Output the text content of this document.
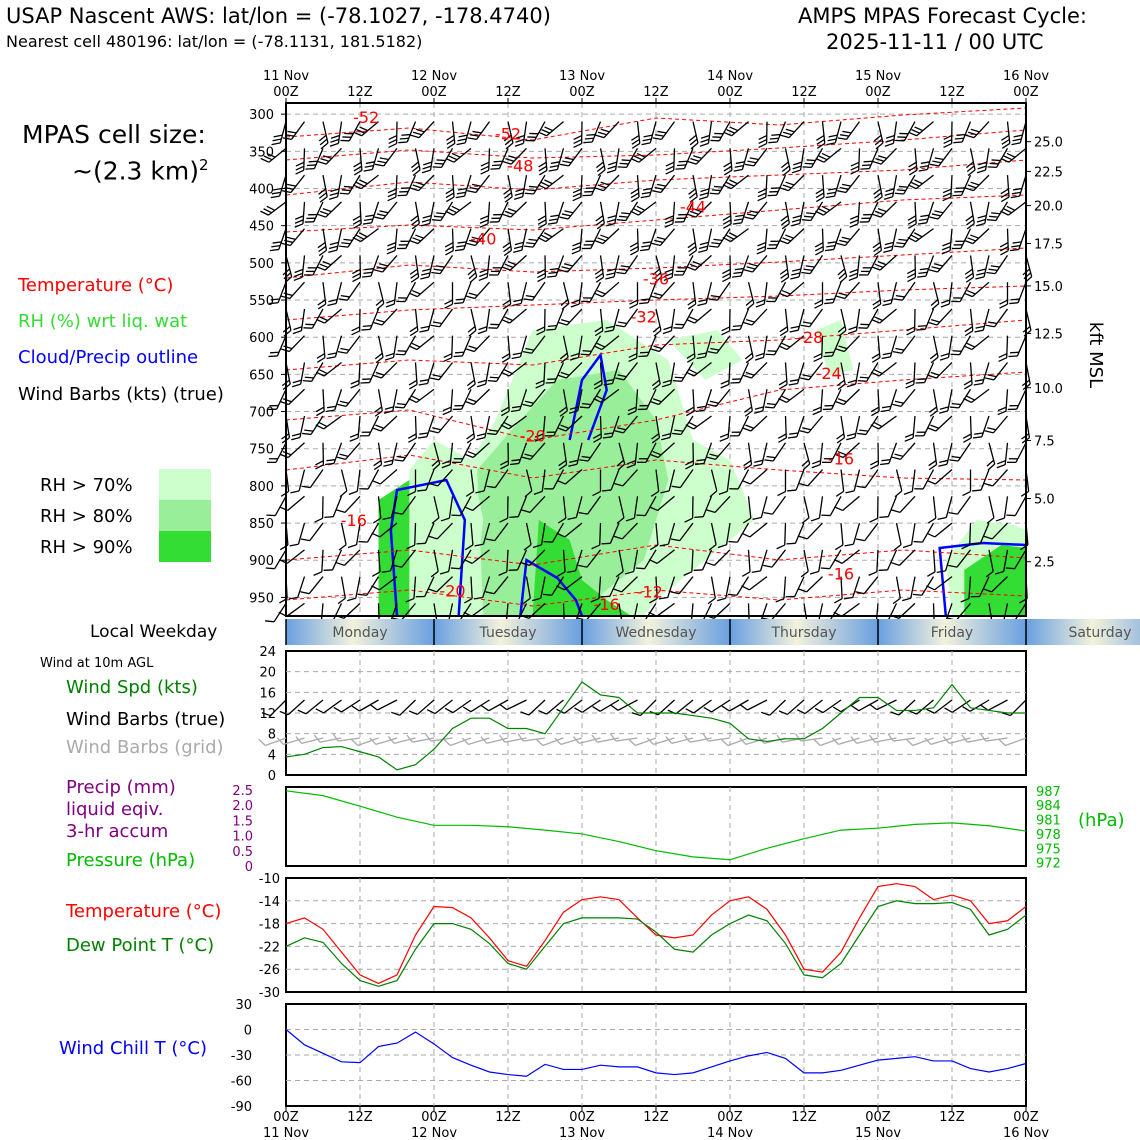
USAP Nascent AWS: lat/lon = (-78.1027, -178.4740)
Nearest cell 480196: lat/lon = (-78.1131, 181.5182)
AMPS MPAS Forecast Cycle:
2025-11-11 / 00 UTC
MPAS cell size:
~(2.3 km)$^2$
Temperature (°C)
RH (%) wrt liq. wat
Cloud/Precip outline
Wind Barbs (kts) (true)
RH > 70%
RH > 80%
RH > 90%
Local Weekday
Wind at 10m AGL
Wind Spd (kts)
Wind Barbs (true)
Wind Barbs (grid)
Precip (mm)
liquid eqiv.
3-hr accum
Pressure (hPa)
(hPa)
Temperature (°C)
Dew Point T (°C)
Wind Chill T (°C)
-52
-52
-48
-44
-40
-36
-32
-28
-24
-20
-16
-16
-20
-16
-12
-16
Monday	Tuesday	Wednesday	Thursday	Friday	Saturday
300
350
400
450
500
550
600
650
700
750
800
850
900
950
25.0
22.5
20.0
17.5
15.0
12.5
10.0
7.5
5.0
2.5
kft MSL
11 Nov
00Z	12Z
12 Nov
00Z	12Z
13 Nov
00Z	12Z
14 Nov
00Z	12Z
15 Nov
00Z	12Z
16 Nov
00Z
0
4
8
12
16
20
24
0
0.5
1.0
1.5
2.0
2.5
972
975
978
981
984
987
-10
-14
-18
-22
-26
-30
30
0
-30
-60
-90
00Z
11 Nov
12Z	00Z
12 Nov
12Z	00Z
13 Nov
12Z	00Z
14 Nov
12Z	00Z
15 Nov
12Z	00Z
16 Nov
